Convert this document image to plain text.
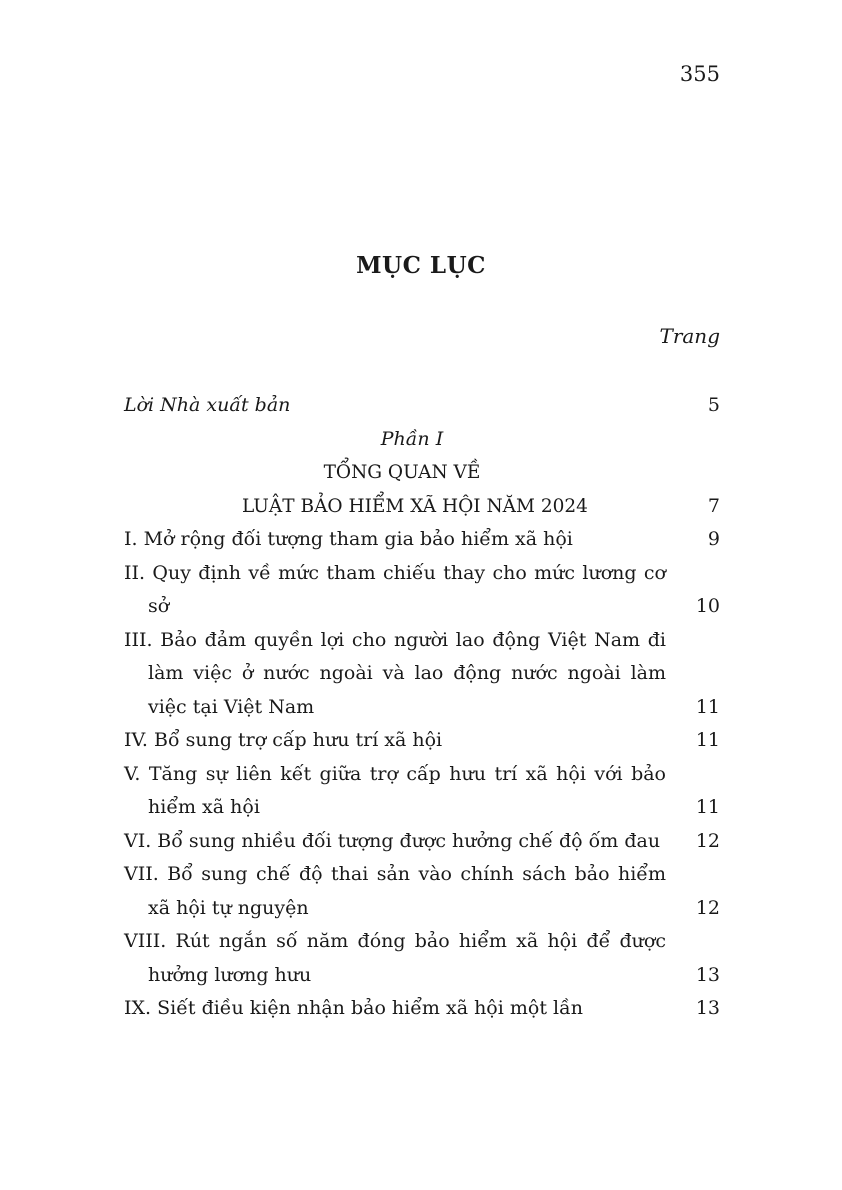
355
MỤC LỤC
Trang
Lời Nhà xuất bản	5
Phần I
TỔNG QUAN VỀ
LUẬT BẢO HIỂM XÃ HỘI NĂM 2024	7
I. Mở rộng đối tượng tham gia bảo hiểm xã hội	9
II. Quy định về mức tham chiếu thay cho mức lương cơ sở	10
III. Bảo đảm quyền lợi cho người lao động Việt Nam đi làm việc ở nước ngoài và lao động nước ngoài làm việc tại Việt Nam	11
IV. Bổ sung trợ cấp hưu trí xã hội	11
V. Tăng sự liên kết giữa trợ cấp hưu trí xã hội với bảo hiểm xã hội	11
VI. Bổ sung nhiều đối tượng được hưởng chế độ ốm đau	12
VII. Bổ sung chế độ thai sản vào chính sách bảo hiểm xã hội tự nguyện	12
VIII. Rút ngắn số năm đóng bảo hiểm xã hội để được hưởng lương hưu	13
IX. Siết điều kiện nhận bảo hiểm xã hội một lần	13
